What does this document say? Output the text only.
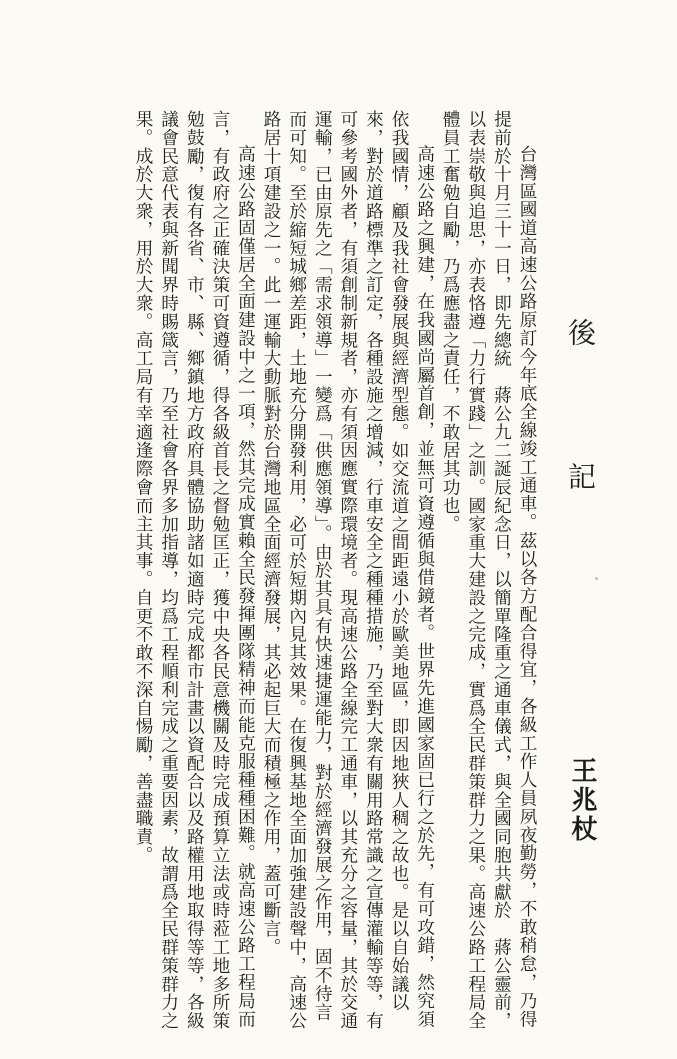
後　記

台灣區國道高速公路原訂今年底全線竣工通車。茲以各方配合得宜，各級工作人員夙夜勤勞，不敢稍怠，乃得提前於十月三十一日，即先總統　蔣公九二誕辰紀念日，以簡單隆重之通車儀式，與全國同胞共獻於　蔣公靈前，以表崇敬與追思，亦表恪遵「力行實踐」之訓。國家重大建設之完成，實爲全民群策群力之果。高速公路工程局全體員工奮勉自勵，乃爲應盡之責任，不敢居其功也。

高速公路之興建，在我國尚屬首創，並無可資遵循與借鏡者。世界先進國家固已行之於先，有可攻錯，然究須依我國情，顧及我社會發展與經濟型態。如交流道之間距遠小於歐美地區，即因地狹人稠之故也。是以自始議以來，對於道路標準之訂定，各種設施之增減，行車安全之種種措施，乃至對大衆有關用路常識之宣傳灌輸等等，有可參考國外者，有須創制新規者，亦有須因應實際環境者。現高速公路全線完工通車，以其充分之容量，其於交通運輸，已由原先之「需求領導」一變爲「供應領導」。由於其具有快速捷運能力，對於經濟發展之作用，固不待言而可知。至於縮短城鄉差距，土地充分開發利用，必可於短期內見其效果。在復興基地全面加強建設聲中，高速公路居十項建設之一。此一運輸大動脈對於台灣地區全面經濟發展，其必起巨大而積極之作用，蓋可斷言。

高速公路固僅居全面建設中之一項，然其完成實賴全民發揮團隊精神而能克服種種困難。就高速公路工程局而言，有政府之正確決策可資遵循，得各級首長之督勉匡正，獲中央各民意機關及時完成預算立法或時蒞工地多所策勉鼓勵，復有各省、市、縣、鄉鎮地方政府具體協助諸如適時完成都市計畫以資配合以及路權用地取得等等，各級議會民意代表與新聞界時賜箴言，乃至社會各界多加指導，均爲工程順利完成之重要因素，故謂爲全民群策群力之果。成於大衆，用於大衆。高工局有幸適逢際會而主其事。自更不敢不深自惕勵，善盡職責。	王兆杖
